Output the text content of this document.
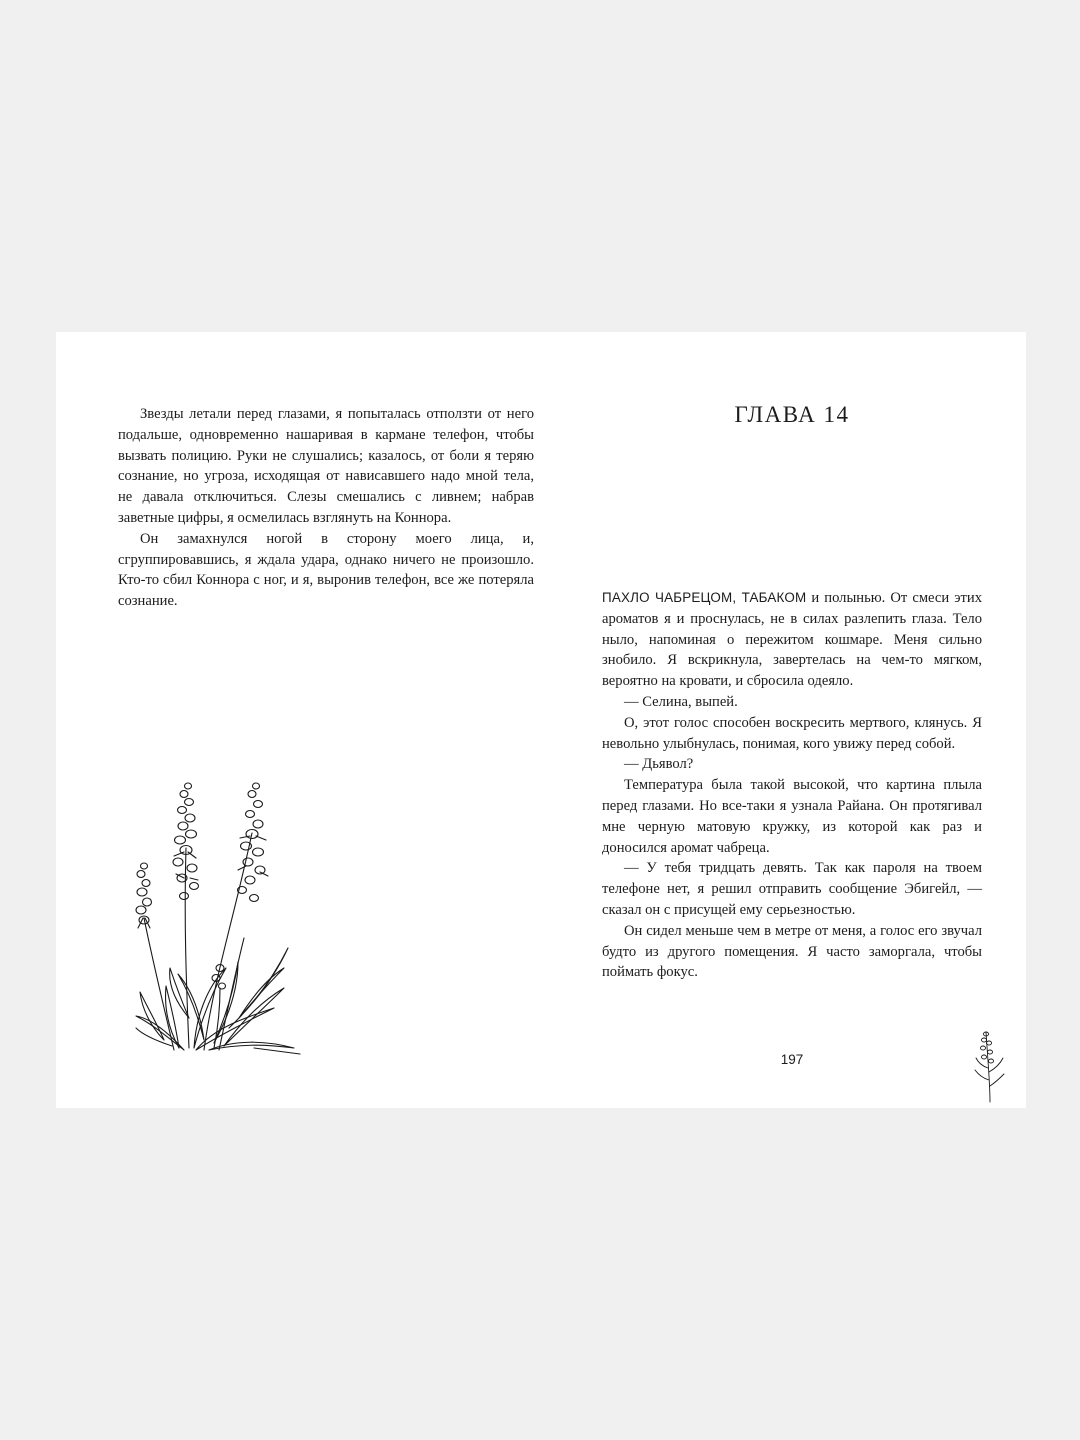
Звезды летали перед глазами, я попыталась отползти от него подальше, одновременно нашаривая в кармане телефон, чтобы вызвать полицию. Руки не слушались; казалось, от боли я теряю сознание, но угроза, исходящая от нависавшего надо мной тела, не давала отключиться. Слезы смешались с ливнем; набрав заветные цифры, я осмелилась взглянуть на Коннора.

Он замахнулся ногой в сторону моего лица, и, сгруппировавшись, я ждала удара, однако ничего не произошло. Кто-то сбил Коннора с ног, и я, выронив телефон, все же потеряла сознание.

ГЛАВА 14

ПАХЛО ЧАБРЕЦОМ, ТАБАКОМ и полынью. От смеси этих ароматов я и проснулась, не в силах разлепить глаза. Тело ныло, напоминая о пережитом кошмаре. Меня сильно знобило. Я вскрикнула, завертелась на чем-то мягком, вероятно на кровати, и сбросила одеяло.

— Селина, выпей.

О, этот голос способен воскресить мертвого, клянусь. Я невольно улыбнулась, понимая, кого увижу перед собой.

— Дьявол?

Температура была такой высокой, что картина плыла перед глазами. Но все-таки я узнала Райана. Он протягивал мне черную матовую кружку, из которой как раз и доносился аромат чабреца.

— У тебя тридцать девять. Так как пароля на твоем телефоне нет, я решил отправить сообщение Эбигейл, — сказал он с присущей ему серьезностью.

Он сидел меньше чем в метре от меня, а голос его звучал будто из другого помещения. Я часто заморгала, чтобы поймать фокус.

197
